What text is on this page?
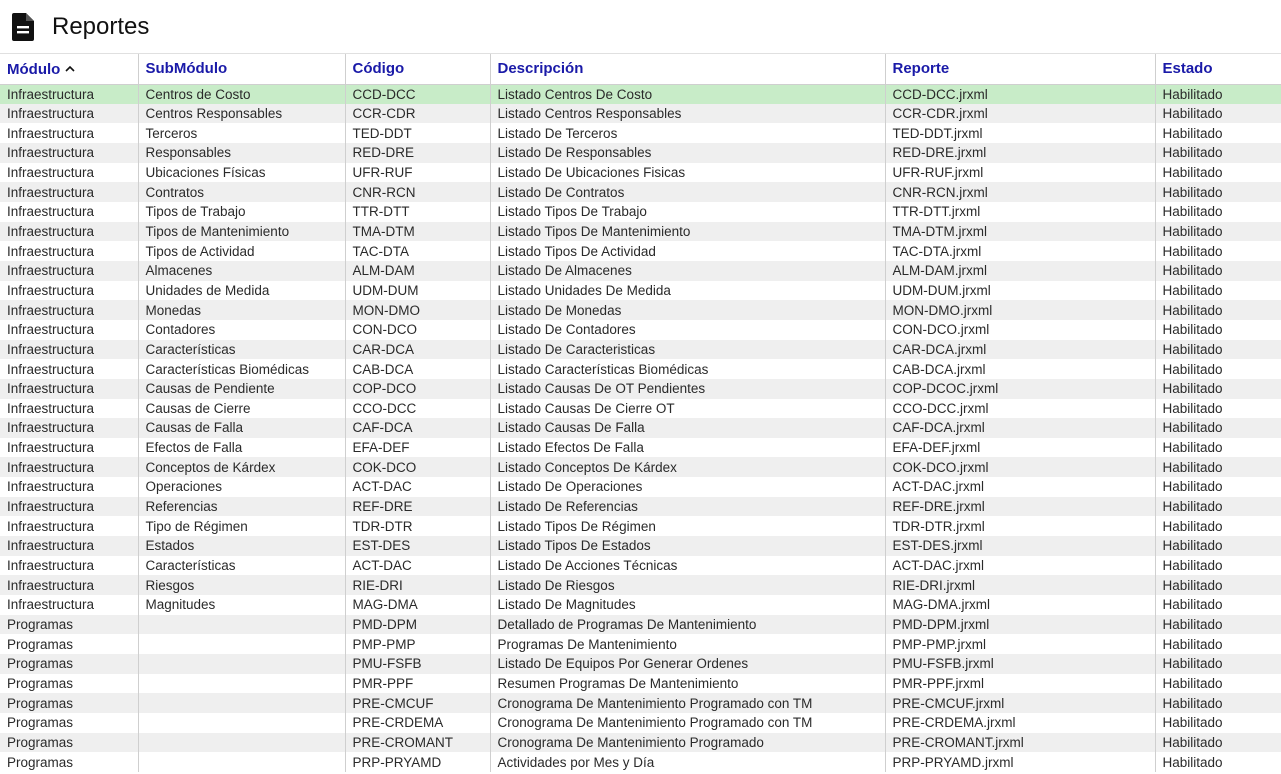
Reportes
Módulo	SubMódulo	Código	Descripción	Reporte	Estado
Infraestructura	Centros de Costo	CCD-DCC	Listado Centros De Costo	CCD-DCC.jrxml	Habilitado
Infraestructura	Centros Responsables	CCR-CDR	Listado Centros Responsables	CCR-CDR.jrxml	Habilitado
Infraestructura	Terceros	TED-DDT	Listado De Terceros	TED-DDT.jrxml	Habilitado
Infraestructura	Responsables	RED-DRE	Listado De Responsables	RED-DRE.jrxml	Habilitado
Infraestructura	Ubicaciones Físicas	UFR-RUF	Listado De Ubicaciones Fisicas	UFR-RUF.jrxml	Habilitado
Infraestructura	Contratos	CNR-RCN	Listado De Contratos	CNR-RCN.jrxml	Habilitado
Infraestructura	Tipos de Trabajo	TTR-DTT	Listado Tipos De Trabajo	TTR-DTT.jrxml	Habilitado
Infraestructura	Tipos de Mantenimiento	TMA-DTM	Listado Tipos De Mantenimiento	TMA-DTM.jrxml	Habilitado
Infraestructura	Tipos de Actividad	TAC-DTA	Listado Tipos De Actividad	TAC-DTA.jrxml	Habilitado
Infraestructura	Almacenes	ALM-DAM	Listado De Almacenes	ALM-DAM.jrxml	Habilitado
Infraestructura	Unidades de Medida	UDM-DUM	Listado Unidades De Medida	UDM-DUM.jrxml	Habilitado
Infraestructura	Monedas	MON-DMO	Listado De Monedas	MON-DMO.jrxml	Habilitado
Infraestructura	Contadores	CON-DCO	Listado De Contadores	CON-DCO.jrxml	Habilitado
Infraestructura	Características	CAR-DCA	Listado De Caracteristicas	CAR-DCA.jrxml	Habilitado
Infraestructura	Características Biomédicas	CAB-DCA	Listado Características Biomédicas	CAB-DCA.jrxml	Habilitado
Infraestructura	Causas de Pendiente	COP-DCO	Listado Causas De OT Pendientes	COP-DCOC.jrxml	Habilitado
Infraestructura	Causas de Cierre	CCO-DCC	Listado Causas De Cierre OT	CCO-DCC.jrxml	Habilitado
Infraestructura	Causas de Falla	CAF-DCA	Listado Causas De Falla	CAF-DCA.jrxml	Habilitado
Infraestructura	Efectos de Falla	EFA-DEF	Listado Efectos De Falla	EFA-DEF.jrxml	Habilitado
Infraestructura	Conceptos de Kárdex	COK-DCO	Listado Conceptos De Kárdex	COK-DCO.jrxml	Habilitado
Infraestructura	Operaciones	ACT-DAC	Listado De Operaciones	ACT-DAC.jrxml	Habilitado
Infraestructura	Referencias	REF-DRE	Listado De Referencias	REF-DRE.jrxml	Habilitado
Infraestructura	Tipo de Régimen	TDR-DTR	Listado Tipos De Régimen	TDR-DTR.jrxml	Habilitado
Infraestructura	Estados	EST-DES	Listado Tipos De Estados	EST-DES.jrxml	Habilitado
Infraestructura	Características	ACT-DAC	Listado De Acciones Técnicas	ACT-DAC.jrxml	Habilitado
Infraestructura	Riesgos	RIE-DRI	Listado De Riesgos	RIE-DRI.jrxml	Habilitado
Infraestructura	Magnitudes	MAG-DMA	Listado De Magnitudes	MAG-DMA.jrxml	Habilitado
Programas		PMD-DPM	Detallado de Programas De Mantenimiento	PMD-DPM.jrxml	Habilitado
Programas		PMP-PMP	Programas De Mantenimiento	PMP-PMP.jrxml	Habilitado
Programas		PMU-FSFB	Listado De Equipos Por Generar Ordenes	PMU-FSFB.jrxml	Habilitado
Programas		PMR-PPF	Resumen Programas De Mantenimiento	PMR-PPF.jrxml	Habilitado
Programas		PRE-CMCUF	Cronograma De Mantenimiento Programado con TM	PRE-CMCUF.jrxml	Habilitado
Programas		PRE-CRDEMA	Cronograma De Mantenimiento Programado con TM	PRE-CRDEMA.jrxml	Habilitado
Programas		PRE-CROMANT	Cronograma De Mantenimiento Programado	PRE-CROMANT.jrxml	Habilitado
Programas		PRP-PRYAMD	Actividades por Mes y Día	PRP-PRYAMD.jrxml	Habilitado
